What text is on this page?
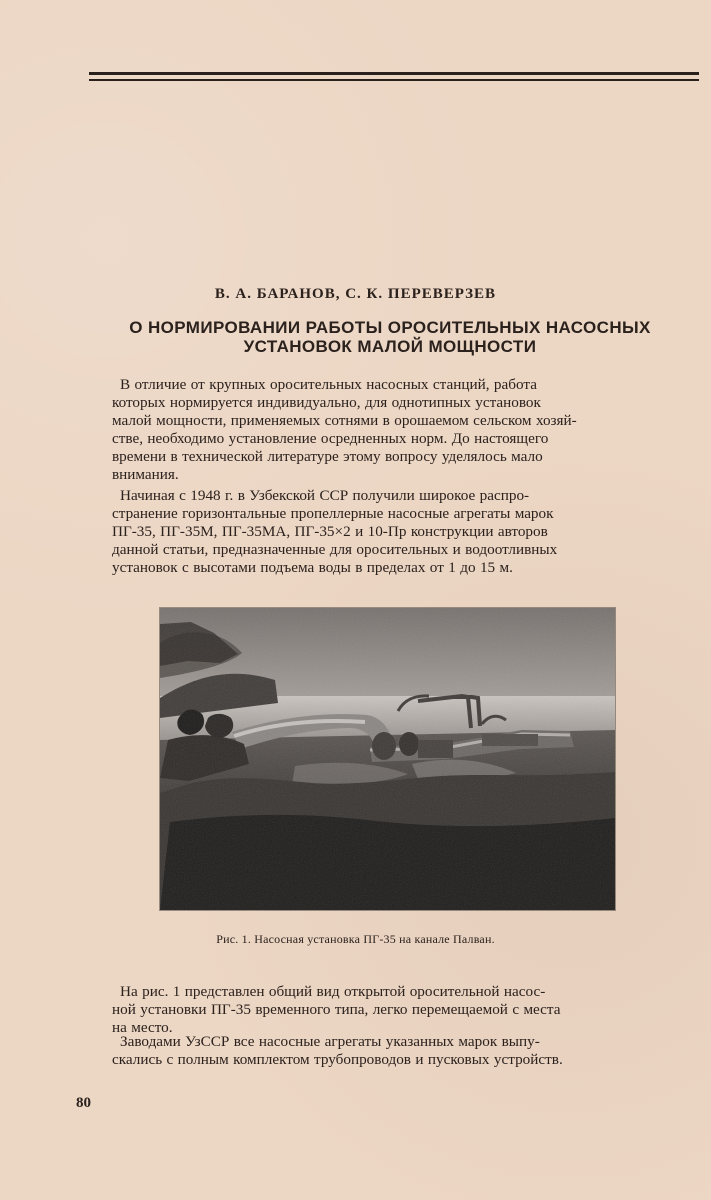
В. А. БАРАНОВ, С. К. ПЕРЕВЕРЗЕВ
О НОРМИРОВАНИИ РАБОТЫ ОРОСИТЕЛЬНЫХ НАСОСНЫХ
УСТАНОВОК МАЛОЙ МОЩНОСТИ
В отличие от крупных оросительных насосных станций, работа
которых нормируется индивидуально, для однотипных установок
малой мощности, применяемых сотнями в орошаемом сельском хозяй-
стве, необходимо установление осредненных норм. До настоящего
времени в технической литературе этому вопросу уделялось мало
внимания.
Начиная с 1948 г. в Узбекской ССР получили широкое распро-
странение горизонтальные пропеллерные насосные агрегаты марок
ПГ-35, ПГ-35М, ПГ-35МА, ПГ-35×2 и 10-Пр конструкции авторов
данной статьи, предназначенные для оросительных и водоотливных
установок с высотами подъема воды в пределах от 1 до 15 м.
Рис. 1. Насосная установка ПГ-35 на канале Палван.
На рис. 1 представлен общий вид открытой оросительной насос-
ной установки ПГ-35 временного типа, легко перемещаемой с места
на место.
Заводами УзССР все насосные агрегаты указанных марок выпу-
скались с полным комплектом трубопроводов и пусковых устройств.
80
